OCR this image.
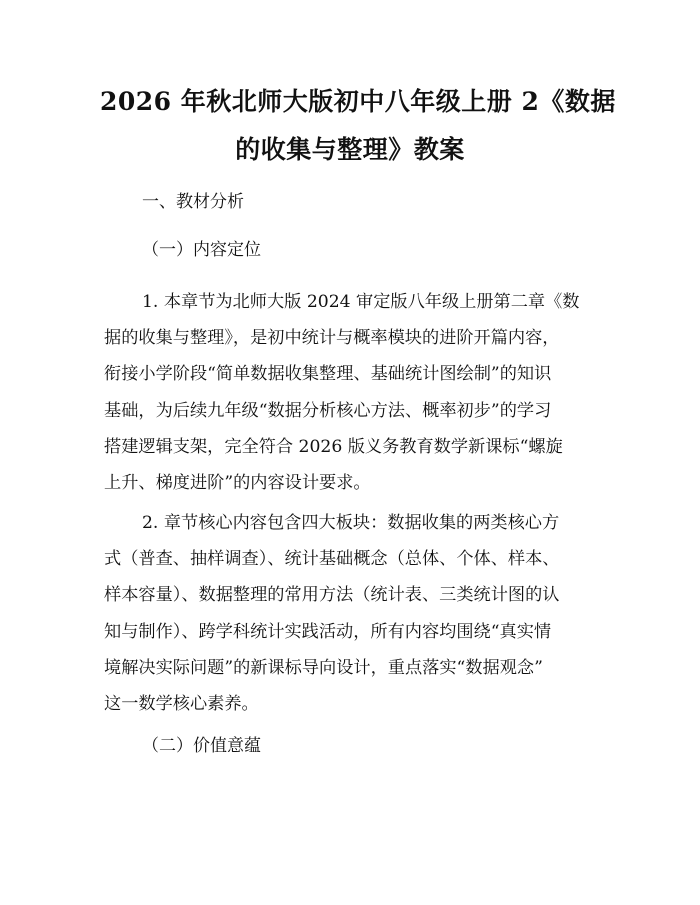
2026 年秋北师大版初中八年级上册 2《数据
的收集与整理》教案
一、教材分析
（一）内容定位
1. 本章节为北师大版 2024 审定版八年级上册第二章《数
据的收集与整理》，是初中统计与概率模块的进阶开篇内容，
衔接小学阶段“简单数据收集整理、基础统计图绘制”的知识
基础，为后续九年级“数据分析核心方法、概率初步”的学习
搭建逻辑支架，完全符合 2026 版义务教育数学新课标“螺旋
上升、梯度进阶”的内容设计要求。
2. 章节核心内容包含四大板块：数据收集的两类核心方
式（普查、抽样调查）、统计基础概念（总体、个体、样本、
样本容量）、数据整理的常用方法（统计表、三类统计图的认
知与制作）、跨学科统计实践活动，所有内容均围绕“真实情
境解决实际问题”的新课标导向设计，重点落实“数据观念”
这一数学核心素养。
（二）价值意蕴
